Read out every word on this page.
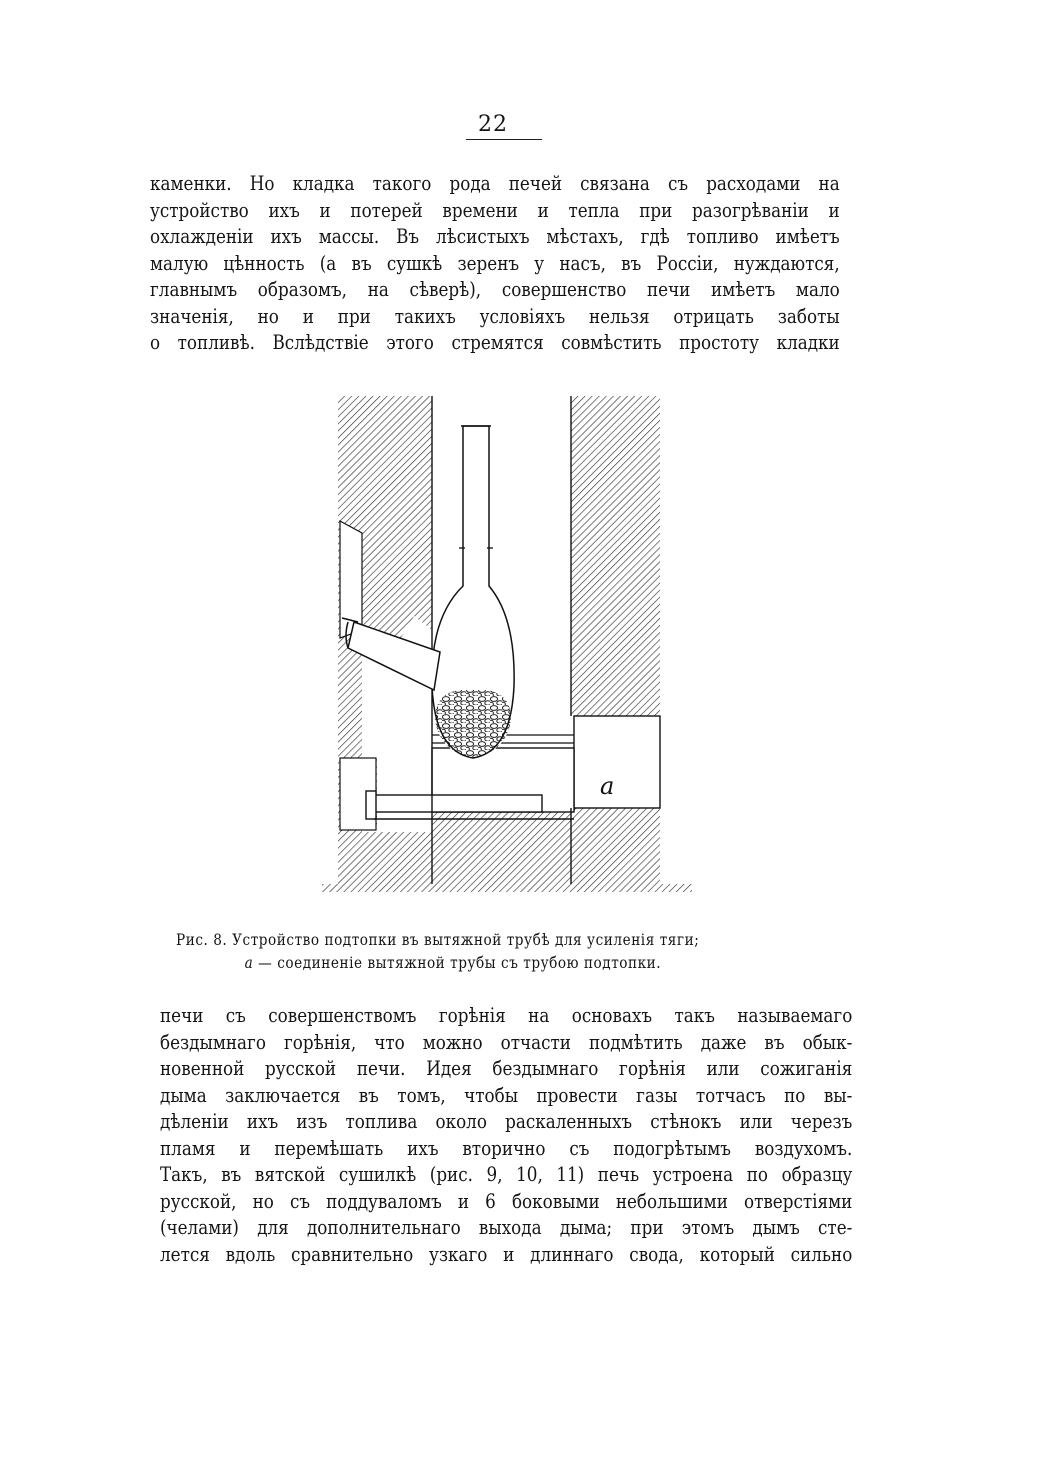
22
каменки. Но кладка такого рода печей связана съ расходами на
устройство ихъ и потерей времени и тепла при разогрѣваніи и
охлажденіи ихъ массы. Въ лѣсистыхъ мѣстахъ, гдѣ топливо имѣетъ
малую цѣнность (а въ сушкѣ зеренъ у насъ, въ Россіи, нуждаются,
главнымъ образомъ, на сѣверѣ), совершенство печи имѣетъ мало
значенія, но и при такихъ условіяхъ нельзя отрицать заботы
о топливѣ. Вслѣдствіе этого стремятся совмѣстить простоту кладки
a
Рис. 8. Устройство подтопки въ вытяжной трубѣ для усиленія тяги;
a — соединеніе вытяжной трубы съ трубою подтопки.
печи съ совершенствомъ горѣнія на основахъ такъ называемаго
бездымнаго горѣнія, что можно отчасти подмѣтить даже въ обык-
новенной русской печи. Идея бездымнаго горѣнія или сожиганія
дыма заключается въ томъ, чтобы провести газы тотчасъ по вы-
дѣленіи ихъ изъ топлива около раскаленныхъ стѣнокъ или черезъ
пламя и перемѣшать ихъ вторично съ подогрѣтымъ воздухомъ.
Такъ, въ вятской сушилкѣ (рис. 9, 10, 11) печь устроена по образцу
русской, но съ поддуваломъ и 6 боковыми небольшими отверстіями
(челами) для дополнительнаго выхода дыма; при этомъ дымъ сте-
лется вдоль сравнительно узкаго и длиннаго свода, который сильно
